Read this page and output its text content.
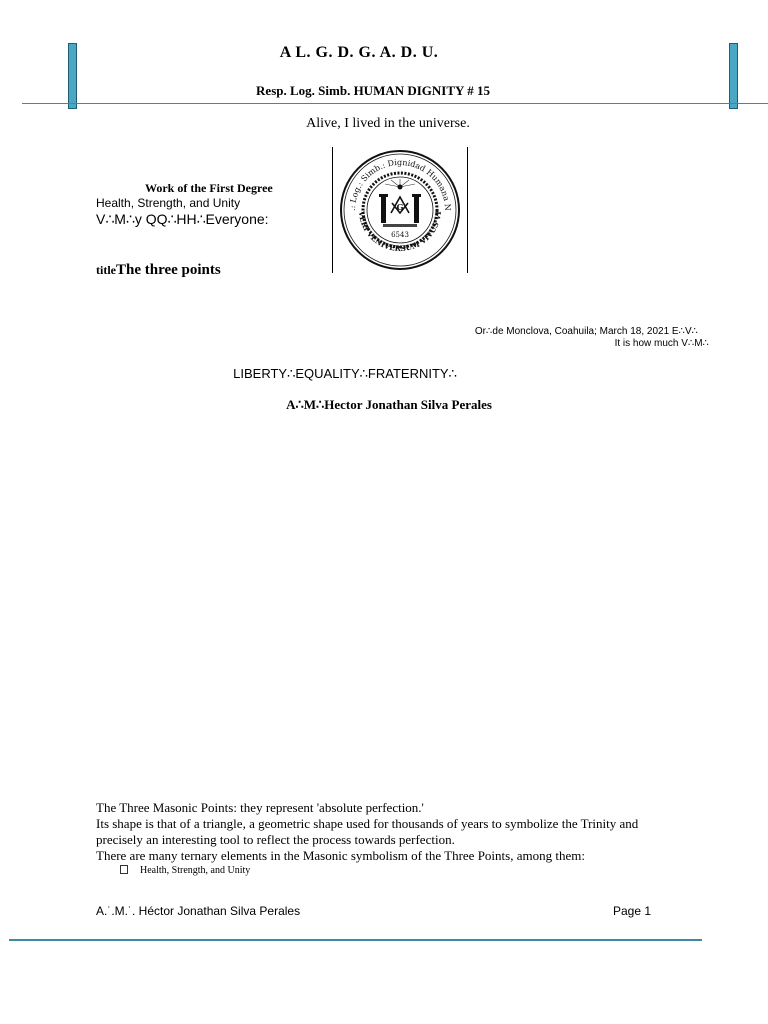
A L. G. D. G. A. D. U.
Resp. Log. Simb. HUMAN DIGNITY # 15
Alive, I lived in the universe.
Work of the First Degree
Health, Strength, and Unity
V∴M∴y QQ∴HH∴Everyone:
titleThe three points
.: Log.: Simb.: Dignidad Humana N
VERI VENIVERSUM VIVUS VI
G
6543
Or∴de Monclova, Coahuila; March 18, 2021 E∴V∴
It is how much V∴M∴
LIBERTY∴EQUALITY∴FRATERNITY∴
A∴M∴Hector Jonathan Silva Perales
The Three Masonic Points: they represent 'absolute perfection.'
Its shape is that of a triangle, a geometric shape used for thousands of years to symbolize the Trinity and
precisely an interesting tool to reflect the process towards perfection.
There are many ternary elements in the Masonic symbolism of the Three Points, among them:
Health, Strength, and Unity
A.˙.M.˙. Héctor Jonathan Silva Perales	Page 1
